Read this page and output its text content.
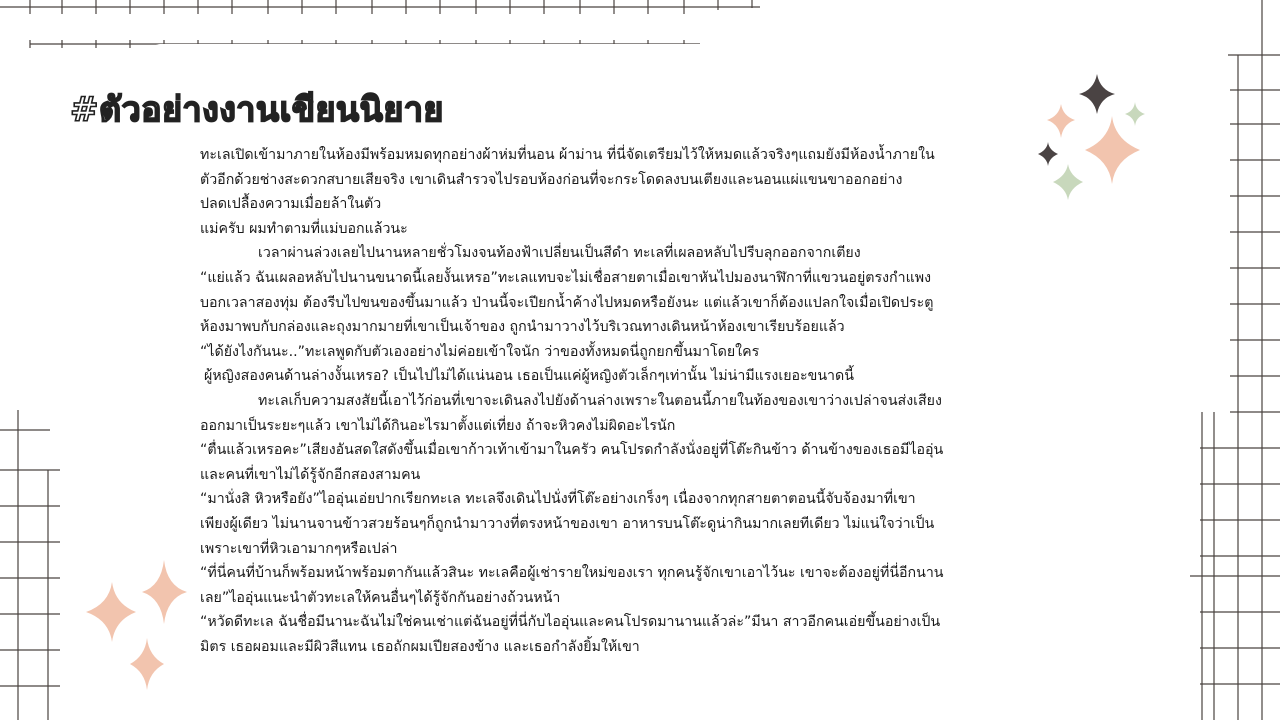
#ตัวอย่างงานเขียนนิยาย

ทะเลเปิดเข้ามาภายในห้องมีพร้อมหมดทุกอย่างผ้าห่มที่นอน ผ้าม่าน ที่นี่จัดเตรียมไว้ให้หมดแล้วจริงๆแถมยังมีห้องน้ำภายใน

ตัวอีกด้วยช่างสะดวกสบายเสียจริง เขาเดินสำรวจไปรอบห้องก่อนที่จะกระโดดลงบนเตียงและนอนแผ่แขนขาออกอย่าง

ปลดเปลื้องความเมื่อยล้าในตัว

แม่ครับ ผมทำตามที่แม่บอกแล้วนะ

เวลาผ่านล่วงเลยไปนานหลายชั่วโมงจนท้องฟ้าเปลี่ยนเป็นสีดำ ทะเลที่เผลอหลับไปรีบลุกออกจากเตียง

“แย่แล้ว ฉันเผลอหลับไปนานขนาดนี้เลยงั้นเหรอ”ทะเลแทบจะไม่เชื่อสายตาเมื่อเขาหันไปมองนาฬิกาที่แขวนอยู่ตรงกำแพง

บอกเวลาสองทุ่ม ต้องรีบไปขนของขึ้นมาแล้ว ป่านนี้จะเปียกน้ำค้างไปหมดหรือยังนะ แต่แล้วเขาก็ต้องแปลกใจเมื่อเปิดประตู

ห้องมาพบกับกล่องและถุงมากมายที่เขาเป็นเจ้าของ ถูกนำมาวางไว้บริเวณทางเดินหน้าห้องเขาเรียบร้อยแล้ว

“ได้ยังไงกันนะ..”ทะเลพูดกับตัวเองอย่างไม่ค่อยเข้าใจนัก ว่าของทั้งหมดนี่ถูกยกขึ้นมาโดยใคร

ผู้หญิงสองคนด้านล่างงั้นเหรอ? เป็นไปไม่ได้แน่นอน เธอเป็นแค่ผู้หญิงตัวเล็กๆเท่านั้น ไม่น่ามีแรงเยอะขนาดนี้

ทะเลเก็บความสงสัยนี้เอาไว้ก่อนที่เขาจะเดินลงไปยังด้านล่างเพราะในตอนนี้ภายในท้องของเขาว่างเปล่าจนส่งเสียง

ออกมาเป็นระยะๆแล้ว เขาไม่ได้กินอะไรมาตั้งแต่เที่ยง ถ้าจะหิวคงไม่ผิดอะไรนัก

“ตื่นแล้วเหรอคะ”เสียงอันสดใสดังขึ้นเมื่อเขาก้าวเท้าเข้ามาในครัว คนโปรดกำลังนั่งอยู่ที่โต๊ะกินข้าว ด้านข้างของเธอมีไออุ่น

และคนที่เขาไม่ได้รู้จักอีกสองสามคน

“มานั่งสิ หิวหรือยัง”ไออุ่นเอ่ยปากเรียกทะเล ทะเลจึงเดินไปนั่งที่โต๊ะอย่างเกร็งๆ เนื่องจากทุกสายตาตอนนี้จับจ้องมาที่เขา

เพียงผู้เดียว ไม่นานจานข้าวสวยร้อนๆก็ถูกนำมาวางที่ตรงหน้าของเขา อาหารบนโต๊ะดูน่ากินมากเลยทีเดียว ไม่แน่ใจว่าเป็น

เพราะเขาที่หิวเอามากๆหรือเปล่า

“ที่นี่คนที่บ้านก็พร้อมหน้าพร้อมตากันแล้วสินะ ทะเลคือผู้เช่ารายใหม่ของเรา ทุกคนรู้จักเขาเอาไว้นะ เขาจะต้องอยู่ที่นี่อีกนาน

เลย”ไออุ่นแนะนำตัวทะเลให้คนอื่นๆได้รู้จักกันอย่างถ้วนหน้า

“หวัดดีทะเล ฉันชื่อมีนานะฉันไม่ใช่คนเช่าแต่ฉันอยู่ที่นี่กับไออุ่นและคนโปรดมานานแล้วล่ะ”มีนา สาวอีกคนเอ่ยขึ้นอย่างเป็น

มิตร เธอผอมและมีผิวสีแทน เธอถักผมเปียสองข้าง และเธอกำลังยิ้มให้เขา
